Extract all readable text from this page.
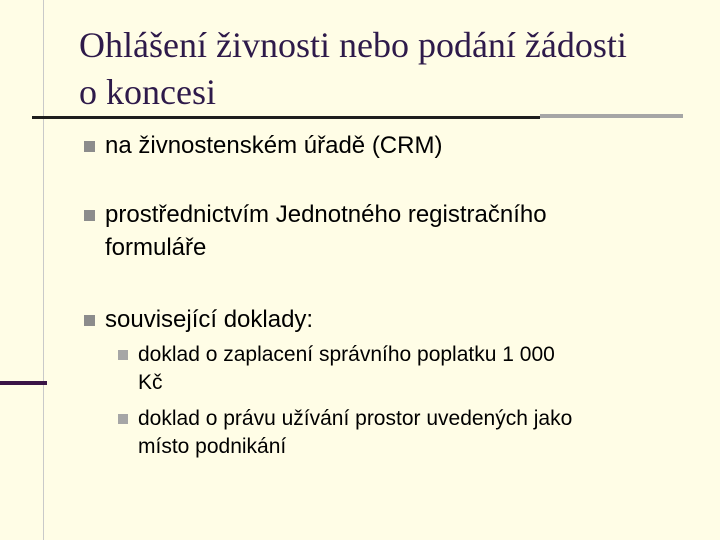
Ohlášení živnosti nebo podání žádosti
o koncesi
na živnostenském úřadě (CRM)
prostřednictvím Jednotného registračního
formuláře
související doklady:
doklad o zaplacení správního poplatku 1 000
Kč
doklad o právu užívání prostor uvedených jako
místo podnikání
